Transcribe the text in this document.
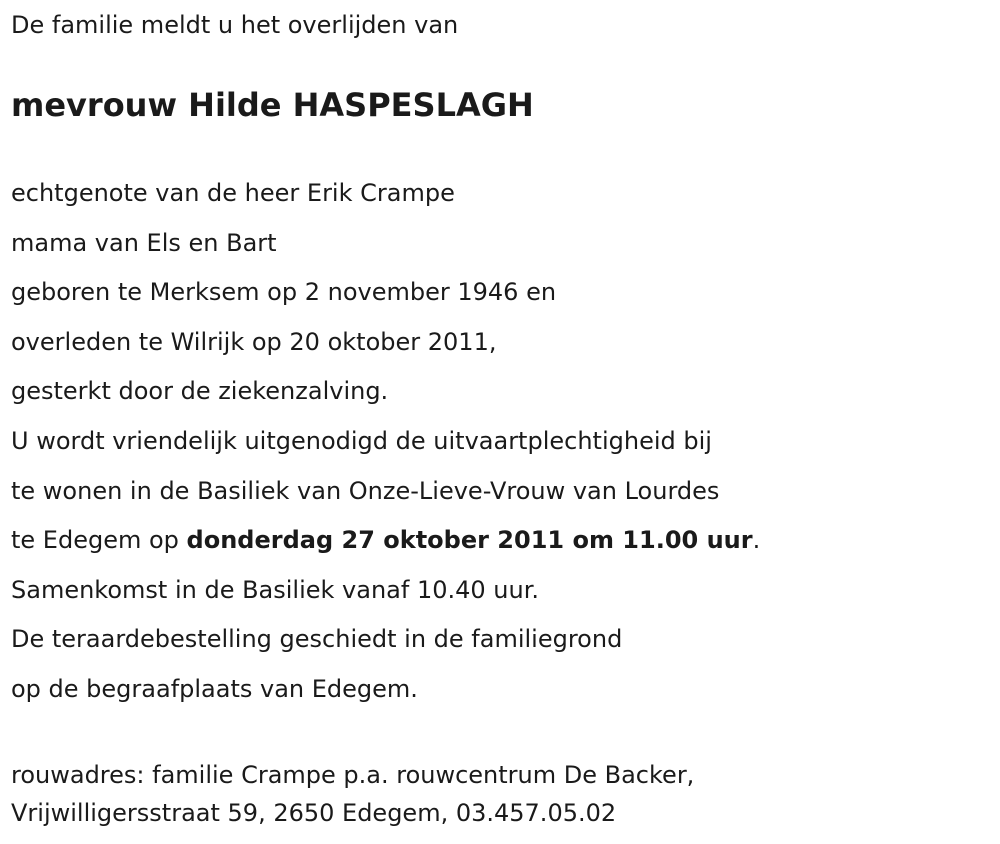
De familie meldt u het overlijden van
mevrouw Hilde HASPESLAGH
echtgenote van de heer Erik Crampe
mama van Els en Bart
geboren te Merksem op 2 november 1946 en
overleden te Wilrijk op 20 oktober 2011,
gesterkt door de ziekenzalving.
U wordt vriendelijk uitgenodigd de uitvaartplechtigheid bij
te wonen in de Basiliek van Onze-Lieve-Vrouw van Lourdes
te Edegem op donderdag 27 oktober 2011 om 11.00 uur.
Samenkomst in de Basiliek vanaf 10.40 uur.
De teraardebestelling geschiedt in de familiegrond
op de begraafplaats van Edegem.
rouwadres: familie Crampe p.a. rouwcentrum De Backer,
Vrijwilligersstraat 59, 2650 Edegem, 03.457.05.02
